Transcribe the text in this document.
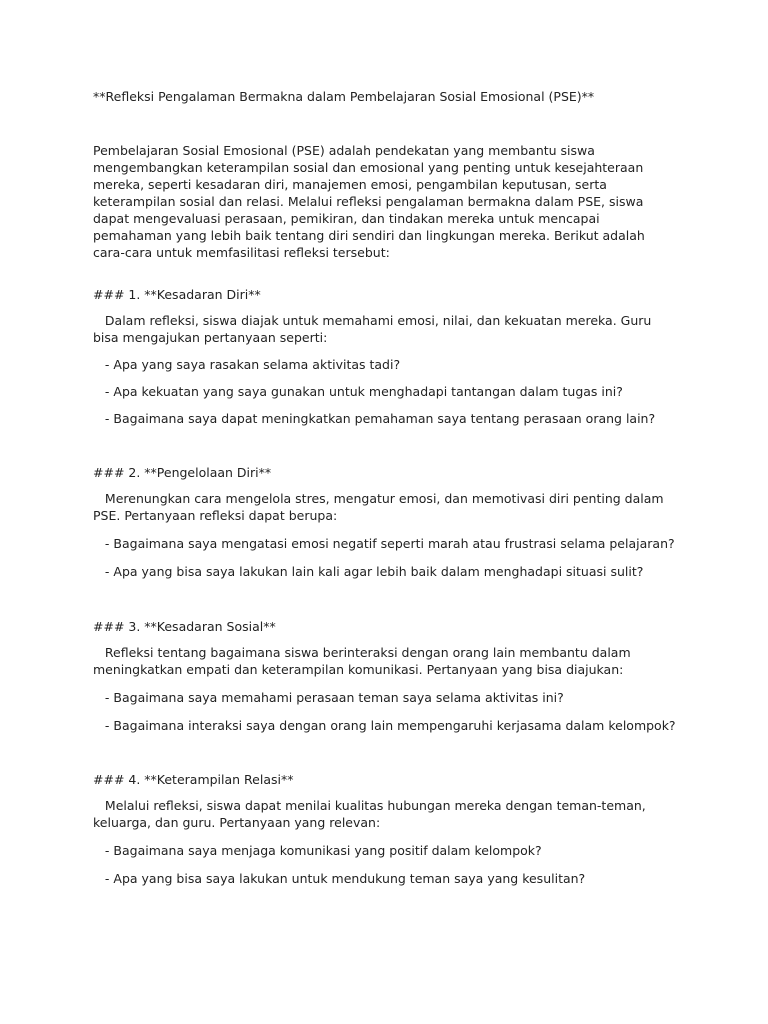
**Refleksi Pengalaman Bermakna dalam Pembelajaran Sosial Emosional (PSE)**

Pembelajaran Sosial Emosional (PSE) adalah pendekatan yang membantu siswa mengembangkan keterampilan sosial dan emosional yang penting untuk kesejahteraan mereka, seperti kesadaran diri, manajemen emosi, pengambilan keputusan, serta keterampilan sosial dan relasi. Melalui refleksi pengalaman bermakna dalam PSE, siswa dapat mengevaluasi perasaan, pemikiran, dan tindakan mereka untuk mencapai pemahaman yang lebih baik tentang diri sendiri dan lingkungan mereka. Berikut adalah cara-cara untuk memfasilitasi refleksi tersebut:

### 1. **Kesadaran Diri**

Dalam refleksi, siswa diajak untuk memahami emosi, nilai, dan kekuatan mereka. Guru bisa mengajukan pertanyaan seperti:

- Apa yang saya rasakan selama aktivitas tadi?

- Apa kekuatan yang saya gunakan untuk menghadapi tantangan dalam tugas ini?

- Bagaimana saya dapat meningkatkan pemahaman saya tentang perasaan orang lain?

### 2. **Pengelolaan Diri**

Merenungkan cara mengelola stres, mengatur emosi, dan memotivasi diri penting dalam PSE. Pertanyaan refleksi dapat berupa:

- Bagaimana saya mengatasi emosi negatif seperti marah atau frustrasi selama pelajaran?

- Apa yang bisa saya lakukan lain kali agar lebih baik dalam menghadapi situasi sulit?

### 3. **Kesadaran Sosial**

Refleksi tentang bagaimana siswa berinteraksi dengan orang lain membantu dalam meningkatkan empati dan keterampilan komunikasi. Pertanyaan yang bisa diajukan:

- Bagaimana saya memahami perasaan teman saya selama aktivitas ini?

- Bagaimana interaksi saya dengan orang lain mempengaruhi kerjasama dalam kelompok?

### 4. **Keterampilan Relasi**

Melalui refleksi, siswa dapat menilai kualitas hubungan mereka dengan teman-teman, keluarga, dan guru. Pertanyaan yang relevan:

- Bagaimana saya menjaga komunikasi yang positif dalam kelompok?

- Apa yang bisa saya lakukan untuk mendukung teman saya yang kesulitan?
